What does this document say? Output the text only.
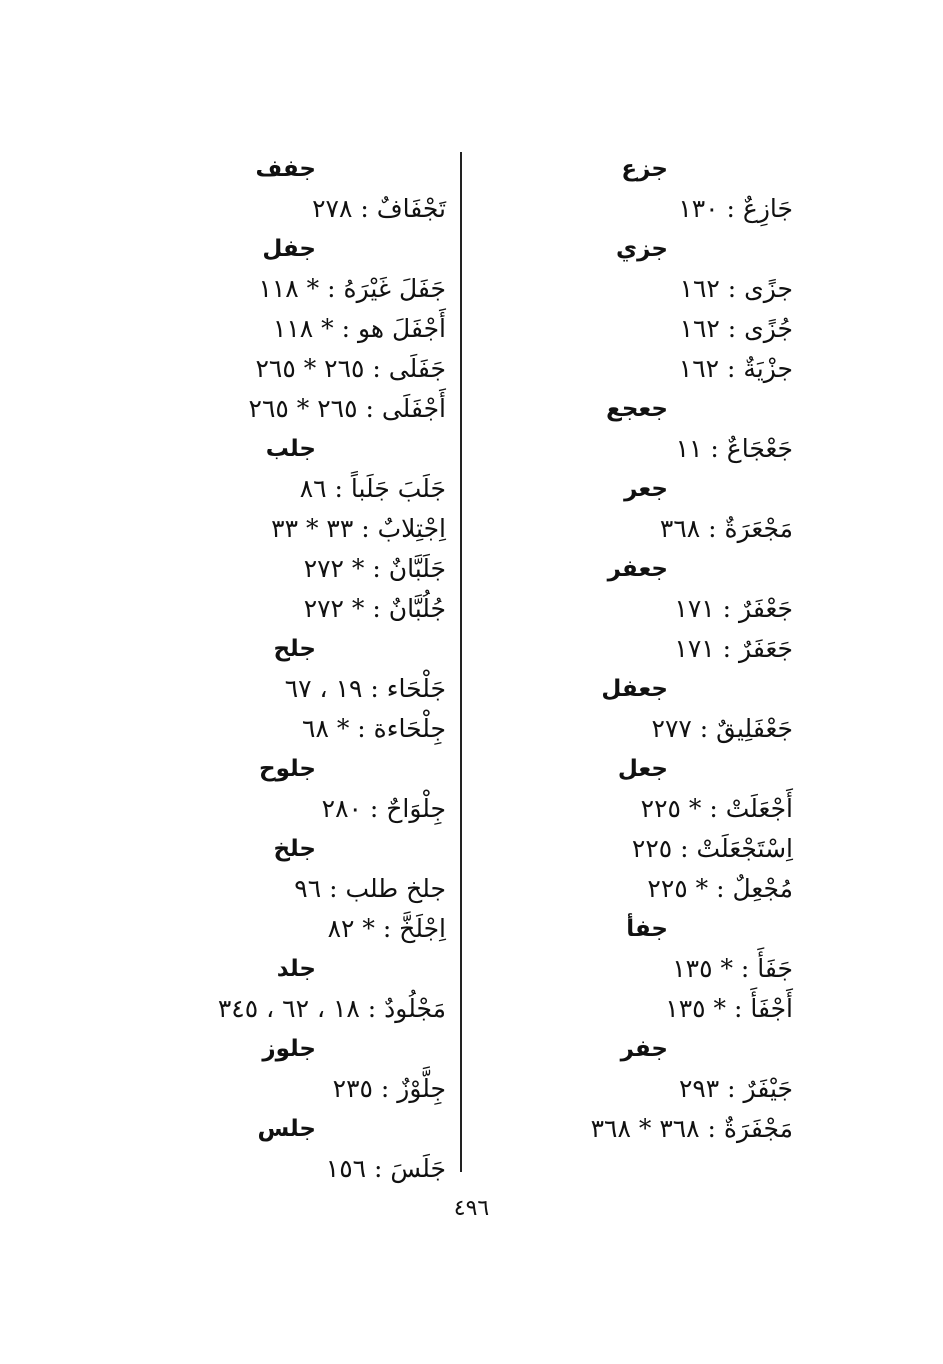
جزع
جَازِعٌ : ١٣٠
جزي
جزًى : ١٦٢
جُزًى : ١٦٢
جزْيَةٌ : ١٦٢
جعجع
جَعْجَاعٌ : ١١
جعر
مَجْعَرَةٌ : ٣٦٨
جعفر
جَعْفَرٌ : ١٧١
جَعَفَرٌ : ١٧١
جعفل
جَعْفَلِيقٌ : ٢٧٧
جعل
أَجْعَلَتْ : * ٢٢٥
اِسْتَجْعَلَتْ : ٢٢٥
مُجْعِلٌ : * ٢٢٥
جفأ
جَفَأَ : * ١٣٥
أَجْفَأَ : * ١٣٥
جفر
جَيْفَرٌ : ٢٩٣
مَجْفَرَةٌ : ٣٦٨ * ٣٦٨
جفف
تَجْفَافٌ : ٢٧٨
جفل
جَفَلَ غَيْرَهُ : * ١١٨
أَجْفَلَ هو : * ١١٨
جَفَلَى : ٢٦٥ * ٢٦٥
أَجْفَلَى : ٢٦٥ * ٢٦٥
جلب
جَلَبَ جَلَباً : ٨٦
اِجْتِلابٌ : ٣٣ * ٣٣
جَلَبَّانٌ : * ٢٧٢
جُلُبَّانٌ : * ٢٧٢
جلح
جَلْحَاء : ١٩ ، ٦٧
جِلْحَاءة : * ٦٨
جلوح
جِلْوَاحٌ : ٢٨٠
جلخ
جلخ طلب : ٩٦
اِجْلَخَّ : * ٨٢
جلد
مَجْلُودٌ : ١٨ ، ٦٢ ، ٣٤٥
جلوز
جِلَّوْزٌ : ٢٣٥
جلس
جَلَسَ : ١٥٦
٤٩٦
